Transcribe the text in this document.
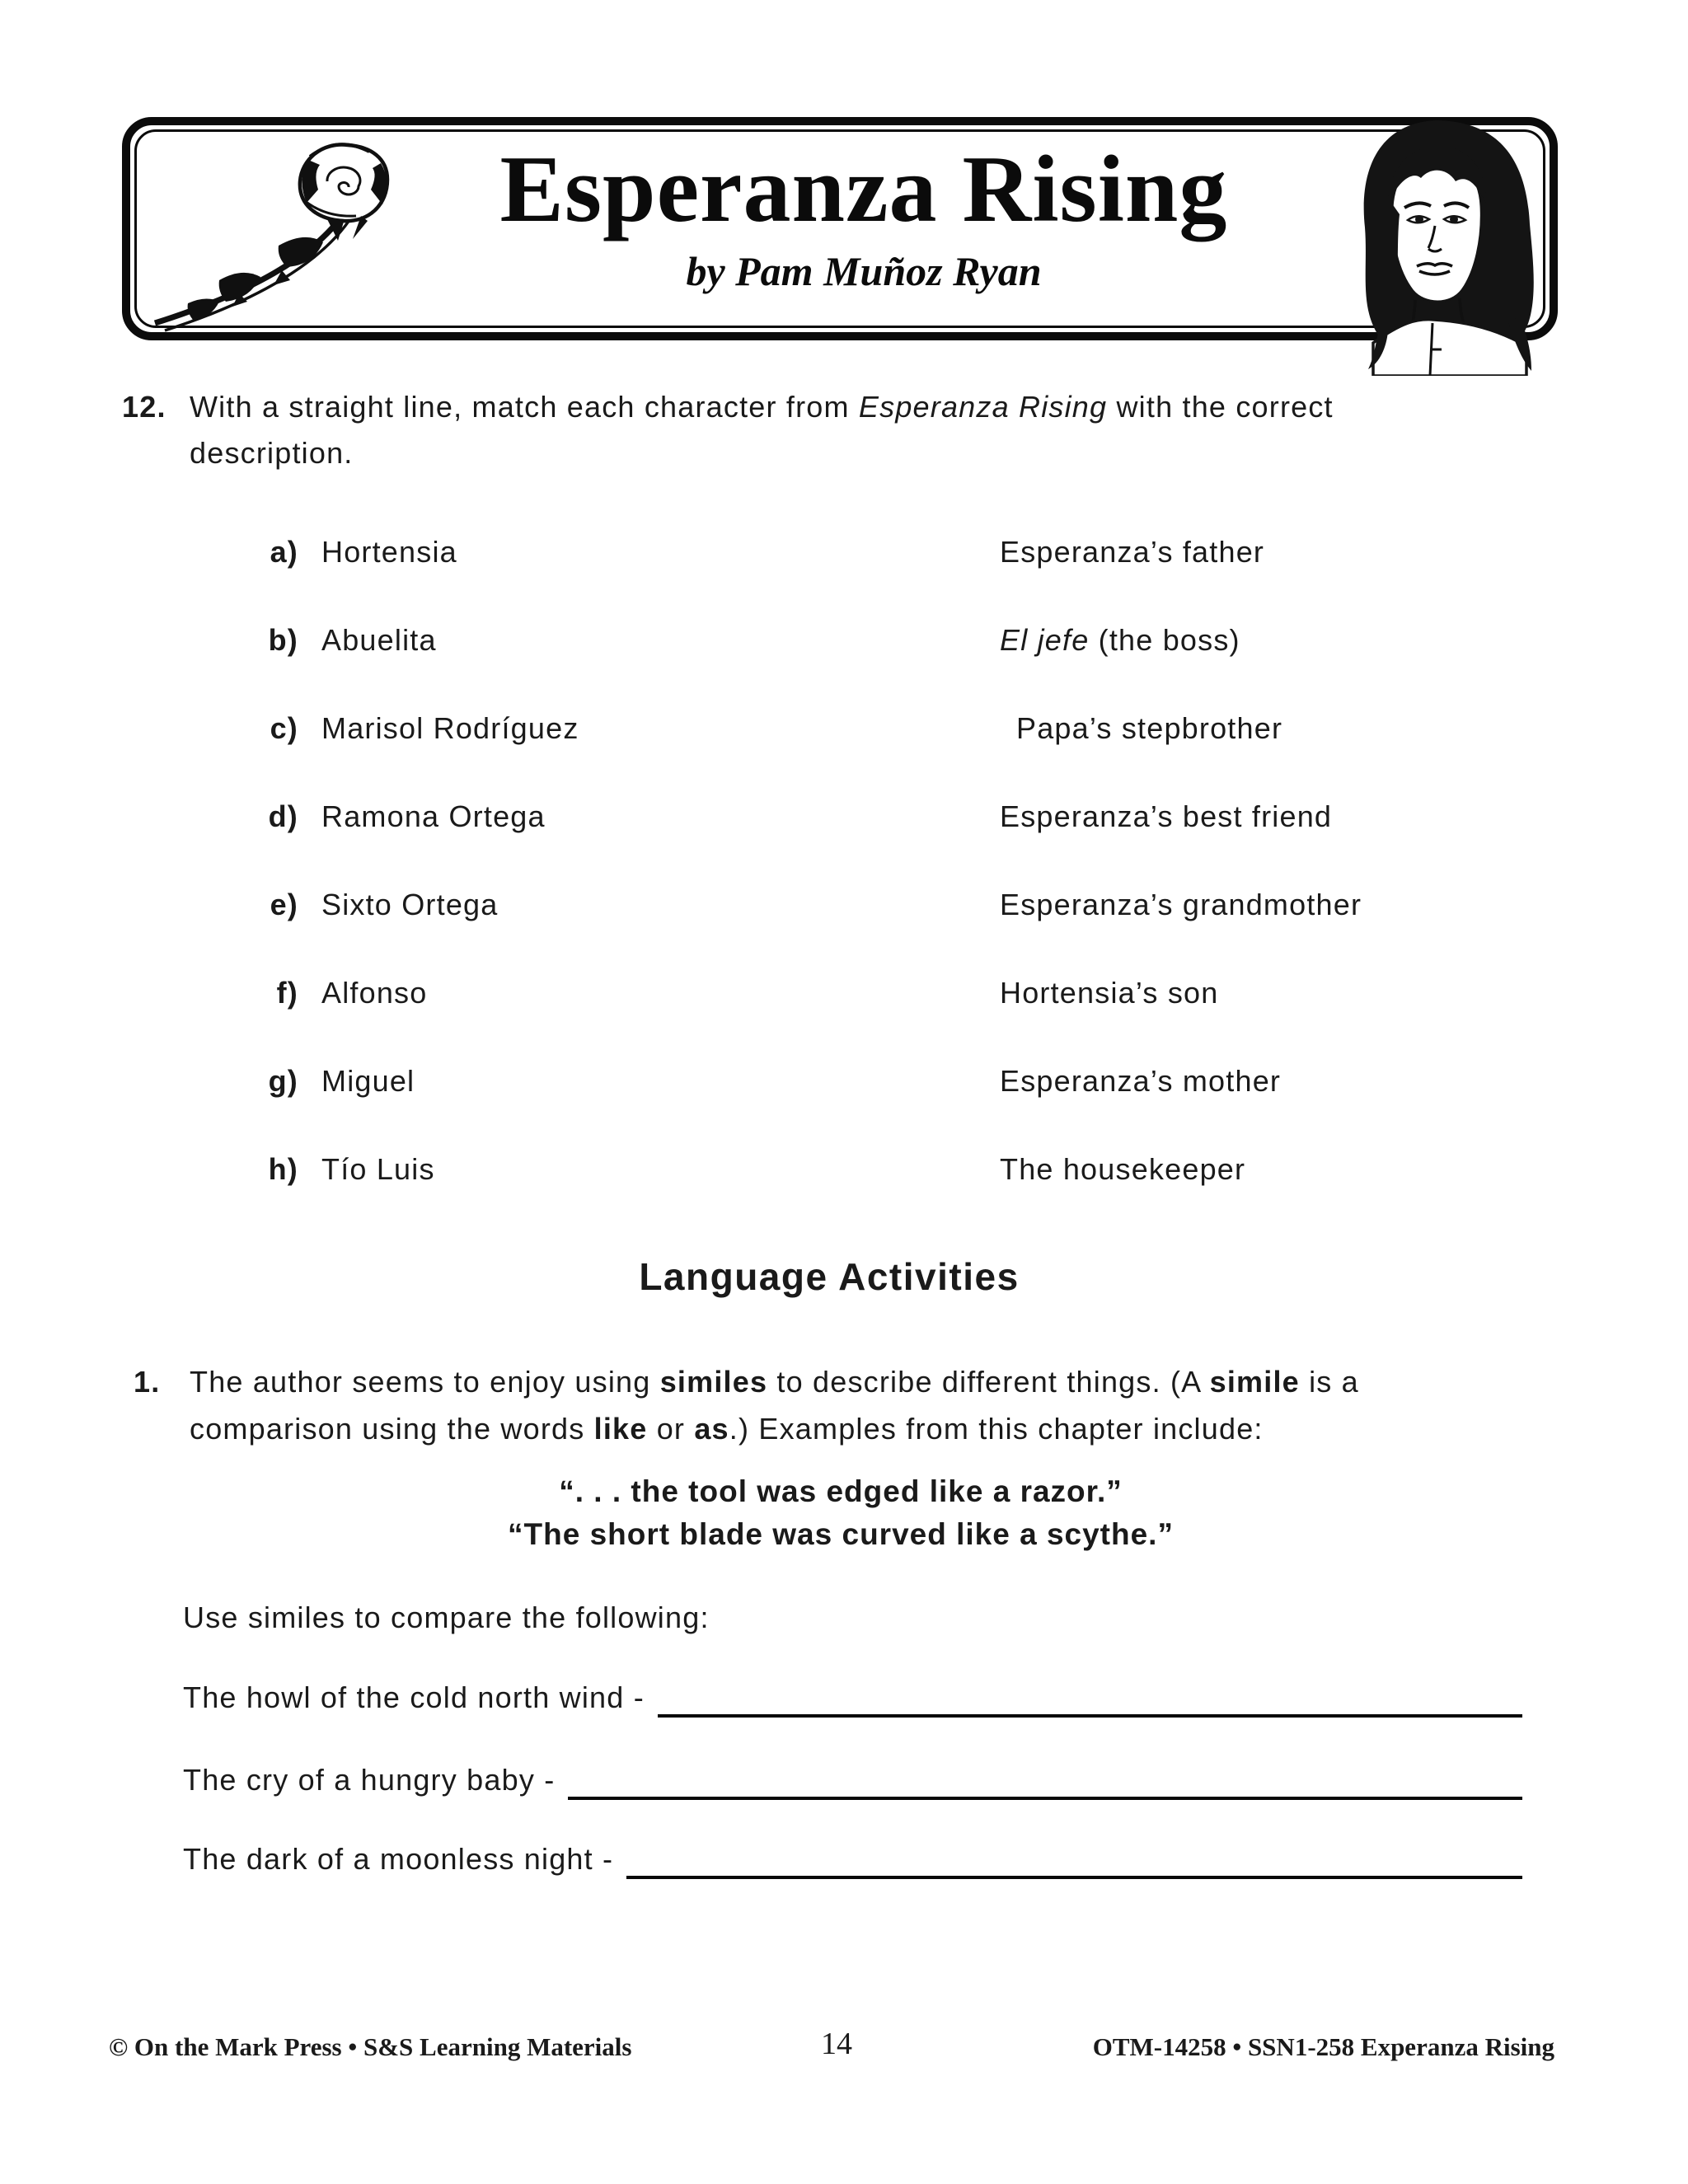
Esperanza Rising
by Pam Muñoz Ryan
12. With a straight line, match each character from Esperanza Rising with the correct
description.
a) Hortensia	Esperanza’s father
b) Abuelita	El jefe (the boss)
c) Marisol Rodríguez	Papa’s stepbrother
d) Ramona Ortega	Esperanza’s best friend
e) Sixto Ortega	Esperanza’s grandmother
f) Alfonso	Hortensia’s son
g) Miguel	Esperanza’s mother
h) Tío Luis	The housekeeper
Language Activities
1. The author seems to enjoy using similes to describe different things. (A simile is a
comparison using the words like or as.) Examples from this chapter include:
“. . . the tool was edged like a razor.”
“The short blade was curved like a scythe.”
Use similes to compare the following:
The howl of the cold north wind -
The cry of a hungry baby -
The dark of a moonless night -
© On the Mark Press • S&S Learning Materials	14	OTM-14258 • SSN1-258 Experanza Rising
